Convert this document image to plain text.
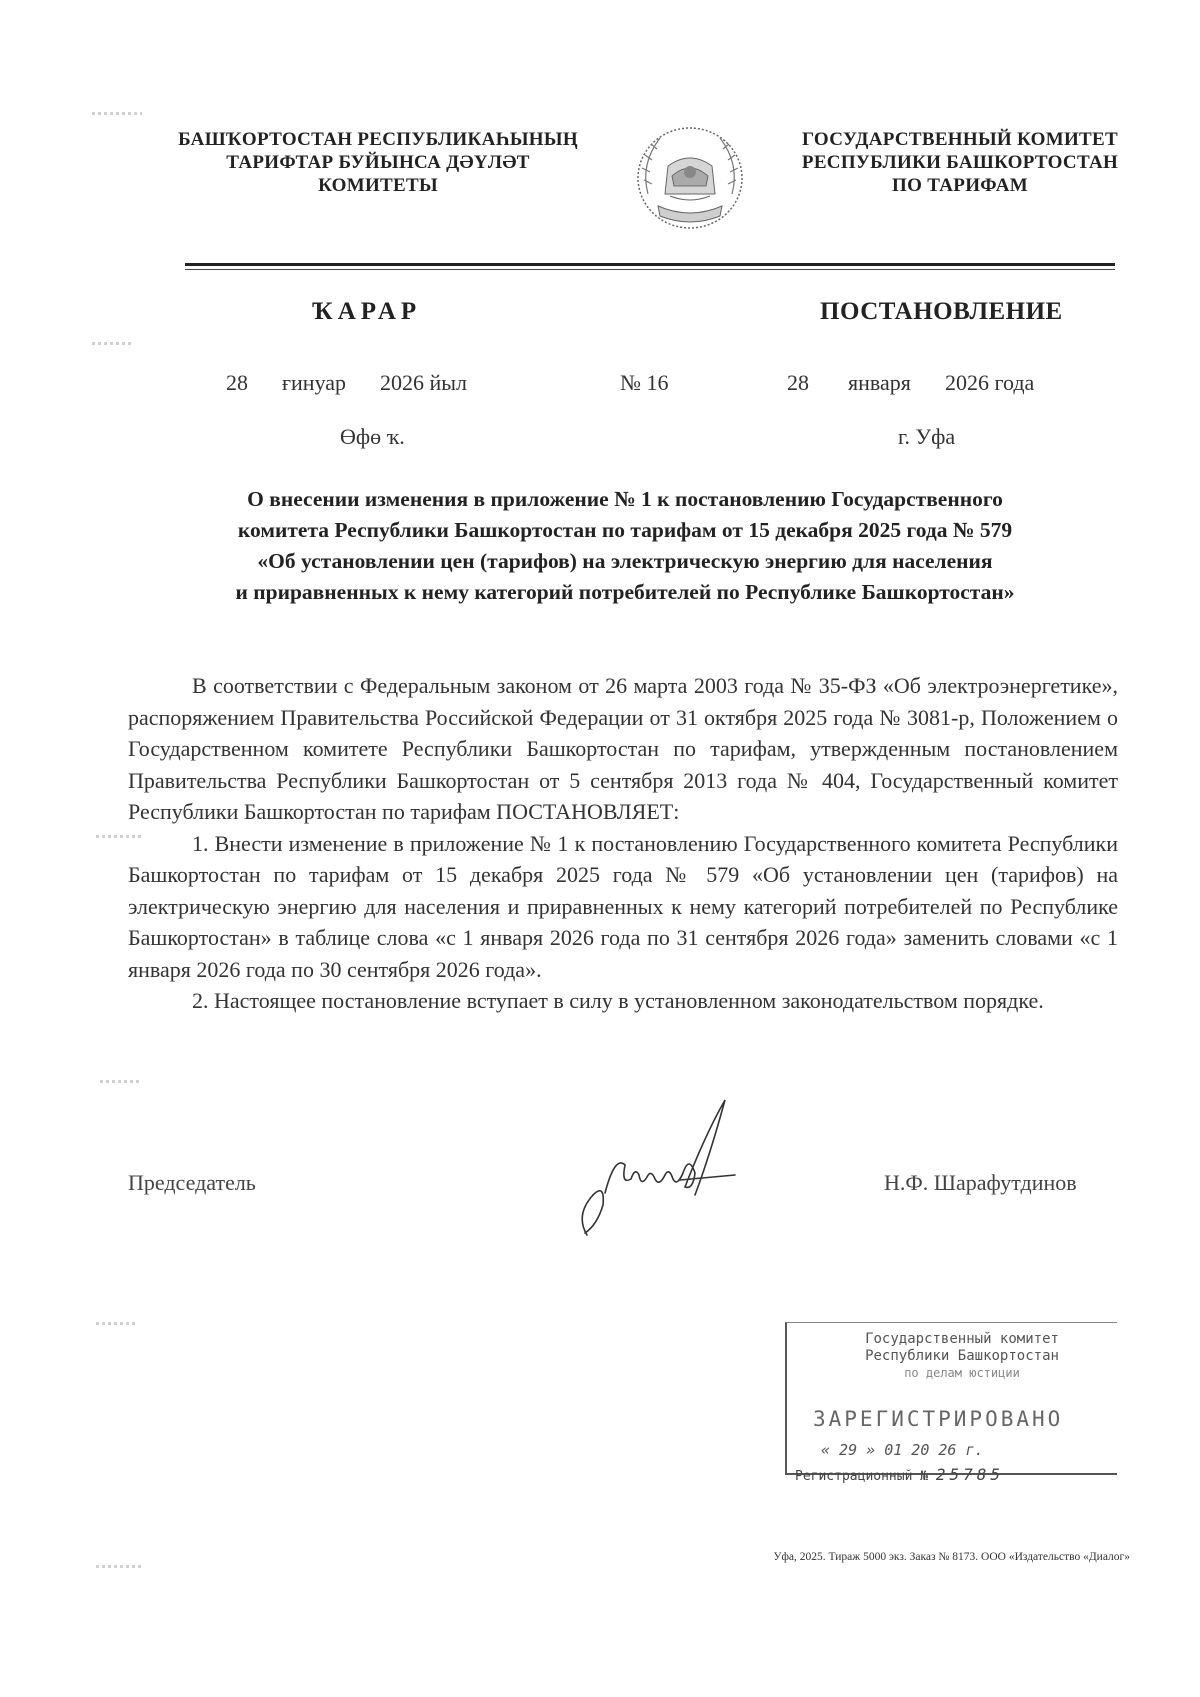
БАШҠОРТОСТАН РЕСПУБЛИКАҺЫНЫҢ
ТАРИФТАР БУЙЫНСА ДӘҮЛӘТ
КОМИТЕТЫ
ГОСУДАРСТВЕННЫЙ КОМИТЕТ
РЕСПУБЛИКИ БАШКОРТОСТАН
ПО ТАРИФАМ
ҠАРАР	ПОСТАНОВЛЕНИЕ
28 ғинуар 2026 йыл	№ 16	28 января 2026 года
Өфө ҡ.	г. Уфа
О внесении изменения в приложение № 1 к постановлению Государственного
комитета Республики Башкортостан по тарифам от 15 декабря 2025 года № 579
«Об установлении цен (тарифов) на электрическую энергию для населения
и приравненных к нему категорий потребителей по Республике Башкортостан»

В соответствии с Федеральным законом от 26 марта 2003 года № 35-ФЗ «Об электроэнергетике», распоряжением Правительства Российской Федерации от 31 октября 2025 года № 3081-р, Положением о Государственном комитете Республики Башкортостан по тарифам, утвержденным постановлением Правительства Республики Башкортостан от 5 сентября 2013 года № 404, Государственный комитет Республики Башкортостан по тарифам ПОСТАНОВЛЯЕТ:

1. Внести изменение в приложение № 1 к постановлению Государственного комитета Республики Башкортостан по тарифам от 15 декабря 2025 года № 579 «Об установлении цен (тарифов) на электрическую энергию для населения и приравненных к нему категорий потребителей по Республике Башкортостан» в таблице слова «с 1 января 2026 года по 31 сентября 2026 года» заменить словами «с 1 января 2026 года по 30 сентября 2026 года».

2. Настоящее постановление вступает в силу в установленном законодательством порядке.

Председатель	Н.Ф. Шарафутдинов
Государственный комитет
Республики Башкортостан
по делам юстиции
ЗАРЕГИСТРИРОВАНО
« 29 » 01 20 26 г.
Регистрационный № 25785
Уфа, 2025. Тираж 5000 экз. Заказ № 8173. ООО «Издательство «Диалог»
